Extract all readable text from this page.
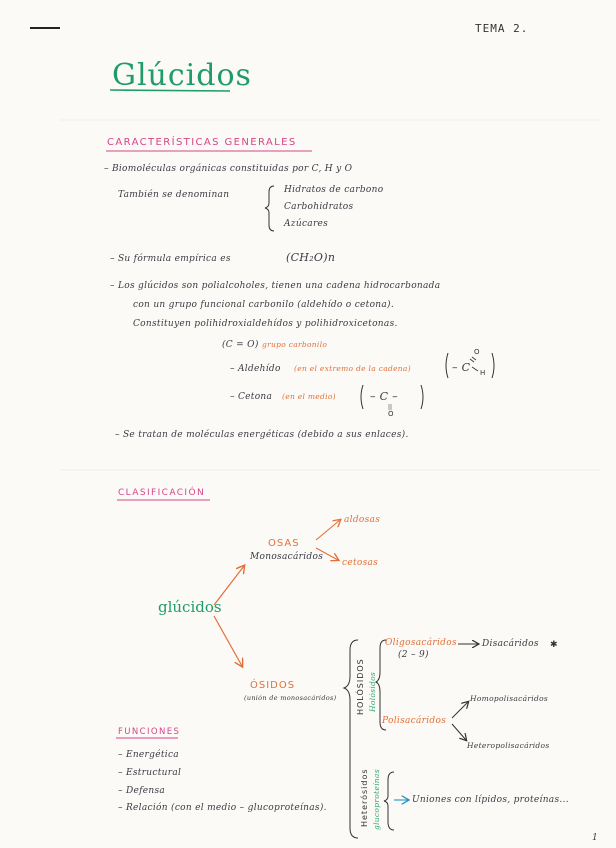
TEMA 2.
Glúcidos
CARACTERÍSTICAS GENERALES
– Biomoléculas orgánicas constituidas por C, H y O
También se denominan	Hidratos de carbono
Carbohidratos
Azúcares
– Su fórmula empírica es	(CH₂O)n
– Los glúcidos son polialcoholes, tienen una cadena hidrocarbonada
con un grupo funcional carbonilo (aldehído o cetona).
Constituyen polihidroxialdehídos y polihidroxicetonas.
(C = O) grupo carbonilo
– Aldehído (en el extremo de la cadena)	– C
– Cetona (en el medio)	– C –
– Se tratan de moléculas energéticas (debido a sus enlaces).
CLASIFICACIÓN
glúcidos
OSAS
Monosacáridos
aldosas
cetosas
ÓSIDOS
(unión de monosacáridos) HOLÓSIDOS Holósidos
Oligosacáridos
(2 – 9)
Disacáridos
Polisacáridos
Homopolisacáridos
Heteropolisacáridos
Heterósidos glucoproteínas	Uniones con lípidos, proteínas...
FUNCIONES
– Energética
– Estructural
– Defensa
– Relación (con el medio – glucoproteínas).
1
O
H
||
O
✱
